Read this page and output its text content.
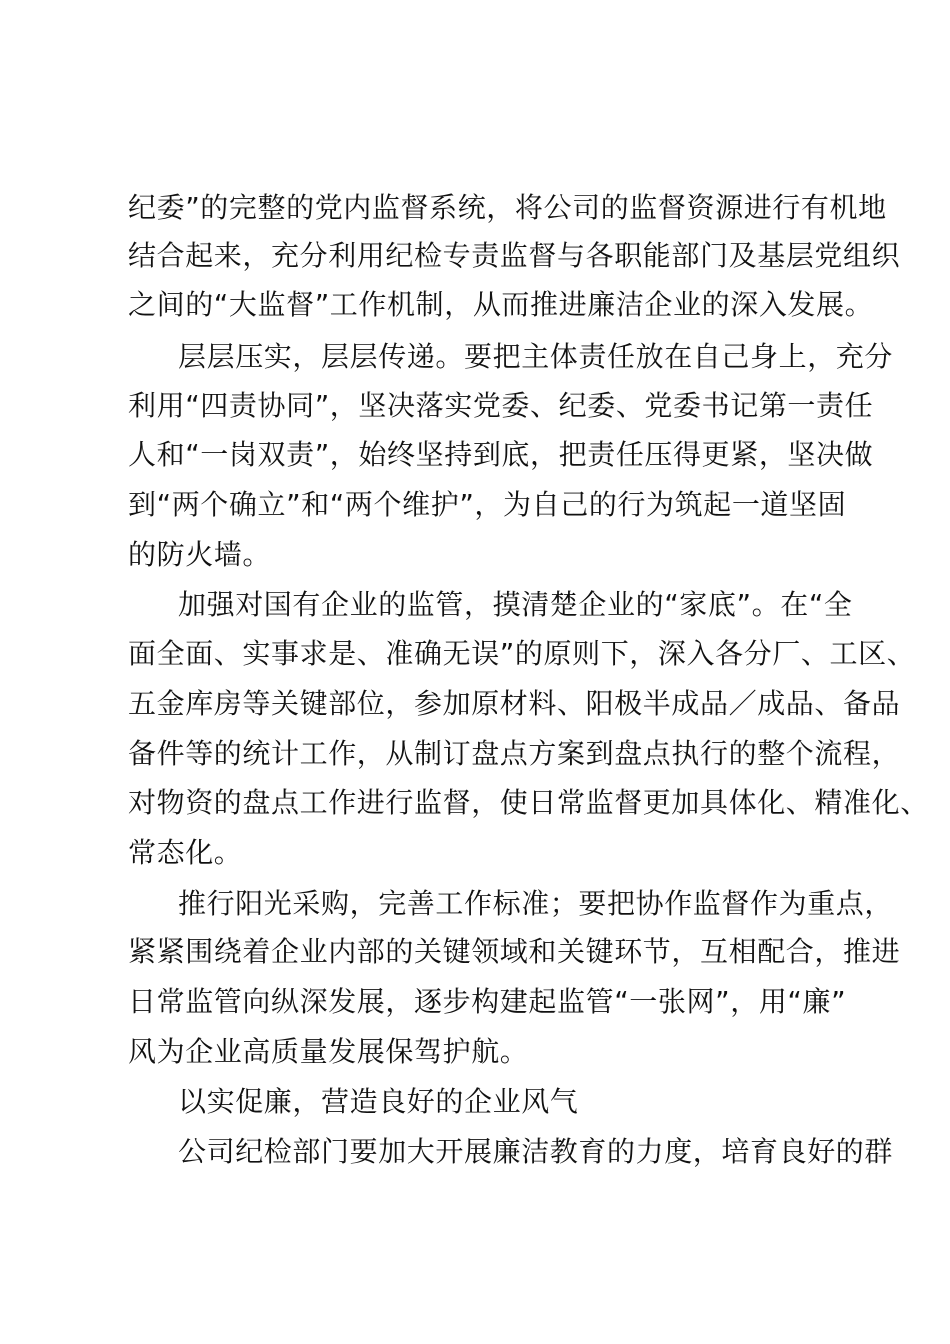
纪委”的完整的党内监督系统，将公司的监督资源进行有机地
结合起来，充分利用纪检专责监督与各职能部门及基层党组织
之间的“大监督”工作机制，从而推进廉洁企业的深入发展。
层层压实，层层传递。要把主体责任放在自己身上，充分
利用“四责协同”，坚决落实党委、纪委、党委书记第一责任
人和“一岗双责”，始终坚持到底，把责任压得更紧，坚决做
到“两个确立”和“两个维护”，为自己的行为筑起一道坚固
的防火墙。
加强对国有企业的监管，摸清楚企业的“家底”。在“全
面全面、实事求是、准确无误”的原则下，深入各分厂、工区、
五金库房等关键部位，参加原材料、阳极半成品／成品、备品
备件等的统计工作，从制订盘点方案到盘点执行的整个流程，
对物资的盘点工作进行监督，使日常监督更加具体化、精准化、
常态化。
推行阳光采购，完善工作标准；要把协作监督作为重点，
紧紧围绕着企业内部的关键领域和关键环节，互相配合，推进
日常监管向纵深发展，逐步构建起监管“一张网”，用“廉”
风为企业高质量发展保驾护航。
以实促廉，营造良好的企业风气
公司纪检部门要加大开展廉洁教育的力度，培育良好的群
